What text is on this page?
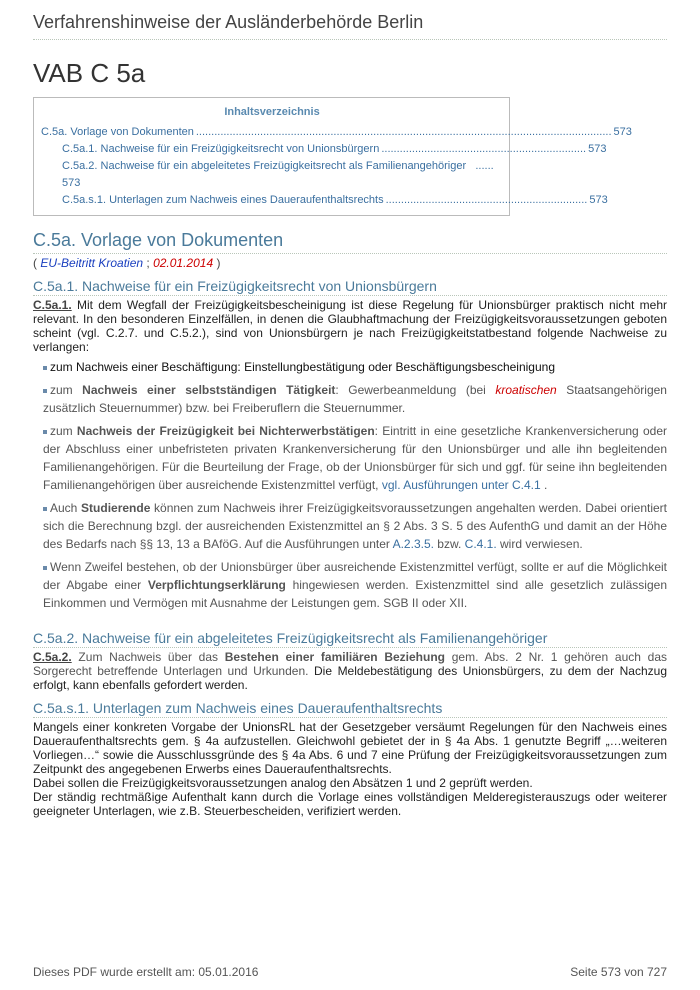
Verfahrenshinweise der Ausländerbehörde Berlin
VAB C 5a
Inhaltsverzeichnis
C.5a. Vorlage von Dokumenten ........................................................................................................................................ 573
C.5a.1. Nachweise für ein Freizügigkeitsrecht von Unionsbürgern ................................................................... 573
C.5a.2. Nachweise für ein abgeleitetes Freizügigkeitsrecht als Familienangehöriger ......
573
C.5a.s.1. Unterlagen zum Nachweis eines Daueraufenthaltsrechts .................................................................. 573
C.5a. Vorlage von Dokumenten
( EU-Beitritt Kroatien ; 02.01.2014 )
C.5a.1. Nachweise für ein Freizügigkeitsrecht von Unionsbürgern

C.5a.1. Mit dem Wegfall der Freizügigkeitsbescheinigung ist diese Regelung für Unionsbürger praktisch nicht mehr relevant. In den besonderen Einzelfällen, in denen die Glaubhaftmachung der Freizügigkeitsvoraussetzungen geboten scheint (vgl. C.2.7. und C.5.2.), sind von Unionsbürgern je nach Freizügigkeitstatbestand folgende Nachweise zu verlangen:

zum Nachweis einer Beschäftigung: Einstellungbestätigung oder Beschäftigungsbescheinigung
zum Nachweis einer selbstständigen Tätigkeit: Gewerbeanmeldung (bei kroatischen Staatsangehörigen zusätzlich Steuernummer) bzw. bei Freiberuflern die Steuernummer.
zum Nachweis der Freizügigkeit bei Nichterwerbstätigen: Eintritt in eine gesetzliche Krankenversicherung oder der Abschluss einer unbefristeten privaten Krankenversicherung für den Unionsbürger und alle ihn begleitenden Familienangehörigen. Für die Beurteilung der Frage, ob der Unionsbürger für sich und ggf. für seine ihn begleitenden Familienangehörigen über ausreichende Existenzmittel verfügt, vgl. Ausführungen unter C.4.1 .
Auch Studierende können zum Nachweis ihrer Freizügigkeitsvoraussetzungen angehalten werden. Dabei orientiert sich die Berechnung bzgl. der ausreichenden Existenzmittel an § 2 Abs. 3 S. 5 des AufenthG und damit an der Höhe des Bedarfs nach §§ 13, 13 a BAföG. Auf die Ausführungen unter A.2.3.5. bzw. C.4.1. wird verwiesen.
Wenn Zweifel bestehen, ob der Unionsbürger über ausreichende Existenzmittel verfügt, sollte er auf die Möglichkeit der Abgabe einer Verpflichtungserklärung hingewiesen werden. Existenzmittel sind alle gesetzlich zulässigen Einkommen und Vermögen mit Ausnahme der Leistungen gem. SGB II oder XII.
C.5a.2. Nachweise für ein abgeleitetes Freizügigkeitsrecht als Familienangehöriger

C.5a.2. Zum Nachweis über das Bestehen einer familiären Beziehung gem. Abs. 2 Nr. 1 gehören auch das Sorgerecht betreffende Unterlagen und Urkunden. Die Meldebestätigung des Unionsbürgers, zu dem der Nachzug erfolgt, kann ebenfalls gefordert werden.

C.5a.s.1. Unterlagen zum Nachweis eines Daueraufenthaltsrechts

Mangels einer konkreten Vorgabe der UnionsRL hat der Gesetzgeber versäumt Regelungen für den Nachweis eines Daueraufenthaltsrechts gem. § 4a aufzustellen. Gleichwohl gebietet der in § 4a Abs. 1 genutzte Begriff „…weiteren Vorliegen…“ sowie die Ausschlussgründe des § 4a Abs. 6 und 7 eine Prüfung der Freizügigkeitsvoraussetzungen zum Zeitpunkt des angegebenen Erwerbs eines Daueraufenthaltsrechts.

Dabei sollen die Freizügigkeitsvoraussetzungen analog den Absätzen 1 und 2 geprüft werden.

Der ständig rechtmäßige Aufenthalt kann durch die Vorlage eines vollständigen Melderegisterauszugs oder weiterer geeigneter Unterlagen, wie z.B. Steuerbescheiden, verifiziert werden.

Dieses PDF wurde erstellt am: 05.01.2016	Seite 573 von 727
